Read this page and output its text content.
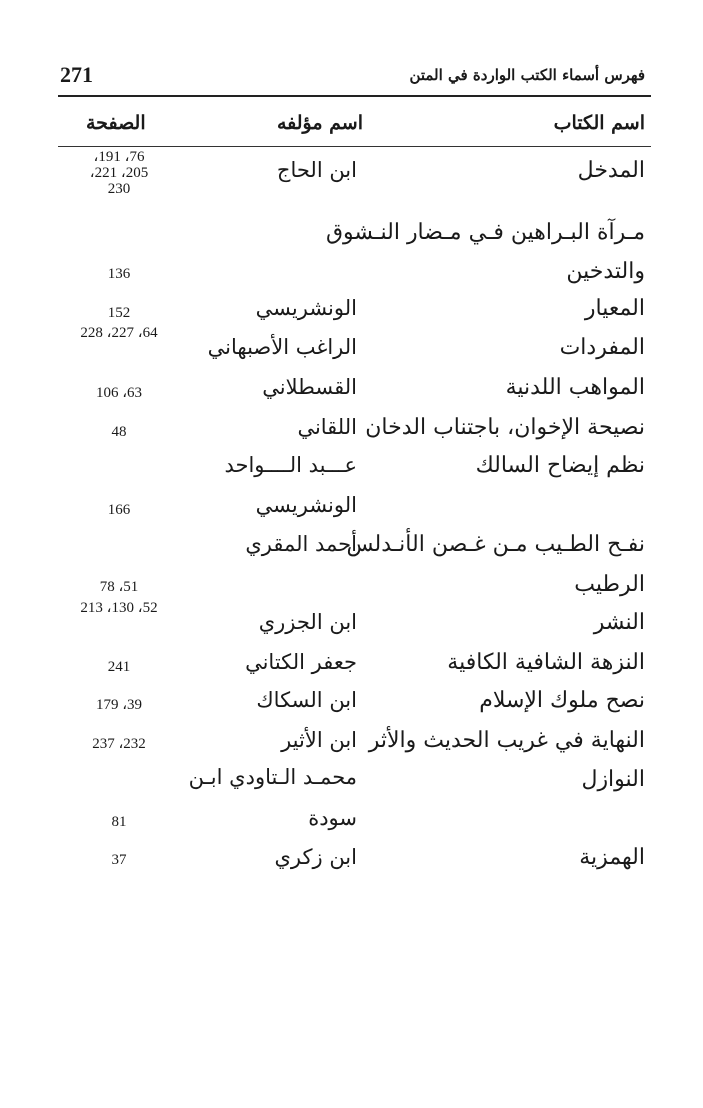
فهرس أسماء الكتب الواردة في المتن
271
اسم الكتاب
اسم مؤلفه
الصفحة
المدخل
ابن الحاج
76، 191، 205، 221، 230
مـرآة البـراهين فـي مـضار النـشوق
والتدخين
136
المعيار
الونشريسي
152
المفردات
الراغب الأصبهاني
64، 227، 228
المواهب اللدنية
القسطلاني
63، 106
نصيحة الإخوان، باجتناب الدخان
اللقاني
48
نظم إيضاح السالك
عـــبد الــــواحد
الونشريسي
166
نفـح الطـيب مـن غـصن الأنـدلس
أحمد المقري
الرطيب
51، 78
النشر
ابن الجزري
52، 130، 213
النزهة الشافية الكافية
جعفر الكتاني
241
نصح ملوك الإسلام
ابن السكاك
39، 179
النهاية في غريب الحديث والأثر
ابن الأثير
232، 237
النوازل
محمـد الـتاودي ابـن
سودة
81
الهمزية
ابن زكري
37
